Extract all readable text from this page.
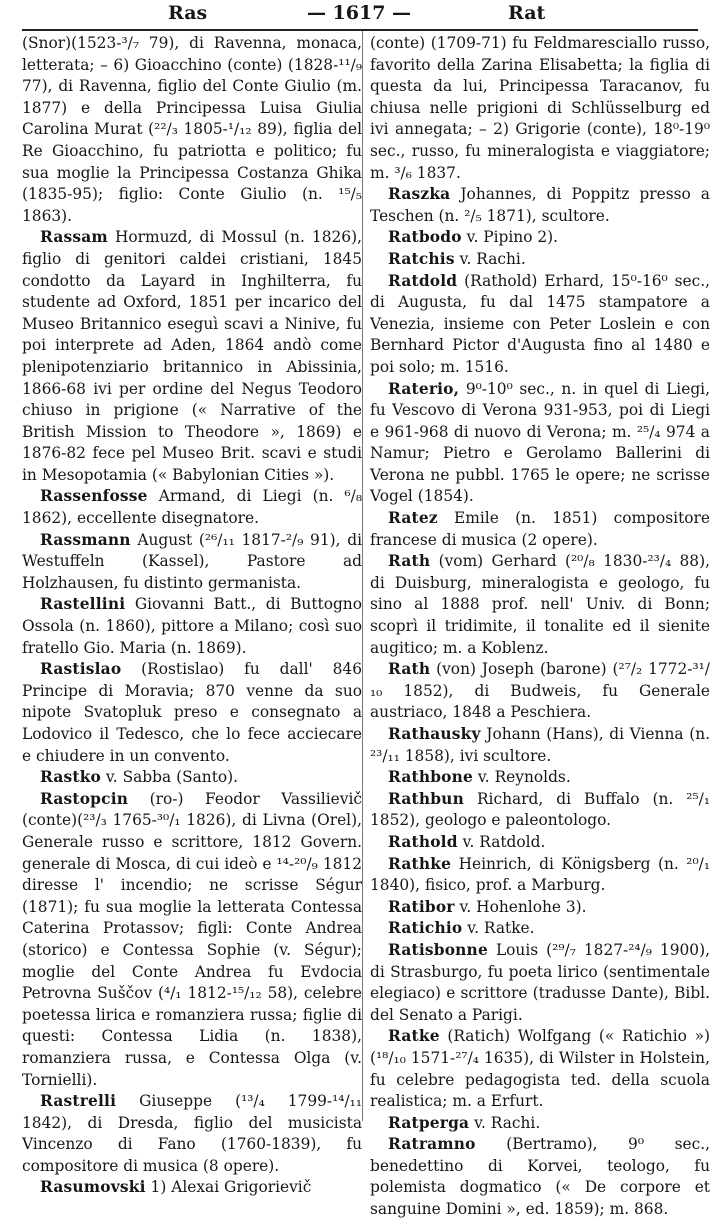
Ras	— 1617 —	Rat

(Snor)(1523-³/₇ 79), di Ravenna, monaca, letterata; – 6) Gioacchino (conte) (1828-¹¹/₉ 77), di Ravenna, figlio del Conte Giulio (m. 1877) e della Principessa Luisa Giulia Carolina Murat (²²/₃ 1805-¹/₁₂ 89), figlia del Re Gioacchino, fu patriotta e politico; fu sua moglie la Principessa Costanza Ghika (1835-95); figlio: Conte Giulio (n. ¹⁵/₅ 1863).

Rassam Hormuzd, di Mossul (n. 1826), figlio di genitori caldei cristiani, 1845 condotto da Layard in Inghilterra, fu studente ad Oxford, 1851 per incarico del Museo Britannico eseguì scavi a Ninive, fu poi interprete ad Aden, 1864 andò come plenipotenziario britannico in Abissinia, 1866-68 ivi per ordine del Negus Teodoro chiuso in prigione (« Narrative of the British Mission to Theodore », 1869) e 1876-82 fece pel Museo Brit. scavi e studi in Mesopotamia (« Babylonian Cities »).

Rassenfosse Armand, di Liegi (n. ⁶/₈ 1862), eccellente disegnatore.

Rassmann August (²⁶/₁₁ 1817-²/₉ 91), di Westuffeln (Kassel), Pastore ad Holzhausen, fu distinto germanista.

Rastellini Giovanni Batt., di Buttogno Ossola (n. 1860), pittore a Milano; così suo fratello Gio. Maria (n. 1869).

Rastislao (Rostislao) fu dall' 846 Principe di Moravia; 870 venne da suo nipote Svatopluk preso e consegnato a Lodovico il Tedesco, che lo fece acciecare e chiudere in un convento.

Rastko v. Sabba (Santo).

Rastopcin (ro-) Feodor Vassilievič (conte)(²³/₃ 1765-³⁰/₁ 1826), di Livna (Orel), Generale russo e scrittore, 1812 Govern. generale di Mosca, di cui ideò e ¹⁴-²⁰/₉ 1812 diresse l' incendio; ne scrisse Ségur (1871); fu sua moglie la letterata Contessa Caterina Protassov; figli: Conte Andrea (storico) e Contessa Sophie (v. Ségur); moglie del Conte Andrea fu Evdocia Petrovna Suščov (⁴/₁ 1812-¹⁵/₁₂ 58), celebre poetessa lirica e romanziera russa; figlie di questi: Contessa Lidia (n. 1838), romanziera russa, e Contessa Olga (v. Tornielli).

Rastrelli Giuseppe (¹³/₄ 1799-¹⁴/₁₁ 1842), di Dresda, figlio del musicista Vincenzo di Fano (1760-1839), fu compositore di musica (8 opere).

Rasumovski 1) Alexai Grigorievič

(conte) (1709-71) fu Feldmaresciallo russo, favorito della Zarina Elisabetta; la figlia di questa da lui, Principessa Taracanov, fu chiusa nelle prigioni di Schlüsselburg ed ivi annegata; – 2) Grigorie (conte), 18⁰-19⁰ sec., russo, fu mineralogista e viaggiatore; m. ³/₆ 1837.

Raszka Johannes, di Poppitz presso a Teschen (n. ²/₅ 1871), scultore.

Ratbodo v. Pipino 2).

Ratchis v. Rachi.

Ratdold (Rathold) Erhard, 15⁰-16⁰ sec., di Augusta, fu dal 1475 stampatore a Venezia, insieme con Peter Loslein e con Bernhard Pictor d'Augusta fino al 1480 e poi solo; m. 1516.

Raterio, 9⁰-10⁰ sec., n. in quel di Liegi, fu Vescovo di Verona 931-953, poi di Liegi e 961-968 di nuovo di Verona; m. ²⁵/₄ 974 a Namur; Pietro e Gerolamo Ballerini di Verona ne pubbl. 1765 le opere; ne scrisse Vogel (1854).

Ratez Emile (n. 1851) compositore francese di musica (2 opere).

Rath (vom) Gerhard (²⁰/₈ 1830-²³/₄ 88), di Duisburg, mineralogista e geologo, fu sino al 1888 prof. nell' Univ. di Bonn; scoprì il tridimite, il tonalite ed il sienite augitico; m. a Koblenz.

Rath (von) Joseph (barone) (²⁷/₂ 1772-³¹/₁₀ 1852), di Budweis, fu Generale austriaco, 1848 a Peschiera.

Rathausky Johann (Hans), di Vienna (n. ²³/₁₁ 1858), ivi scultore.

Rathbone v. Reynolds.

Rathbun Richard, di Buffalo (n. ²⁵/₁ 1852), geologo e paleontologo.

Rathold v. Ratdold.

Rathke Heinrich, di Königsberg (n. ²⁰/₁ 1840), fisico, prof. a Marburg.

Ratibor v. Hohenlohe 3).

Ratichio v. Ratke.

Ratisbonne Louis (²⁹/₇ 1827-²⁴/₉ 1900), di Strasburgo, fu poeta lirico (sentimentale elegiaco) e scrittore (tradusse Dante), Bibl. del Senato a Parigi.

Ratke (Ratich) Wolfgang (« Ratichio ») (¹⁸/₁₀ 1571-²⁷/₄ 1635), di Wilster in Holstein, fu celebre pedagogista ted. della scuola realistica; m. a Erfurt.

Ratperga v. Rachi.

Ratramno (Bertramo), 9⁰ sec., benedettino di Korvei, teologo, fu polemista dogmatico (« De corpore et sanguine Domini », ed. 1859); m. 868.
